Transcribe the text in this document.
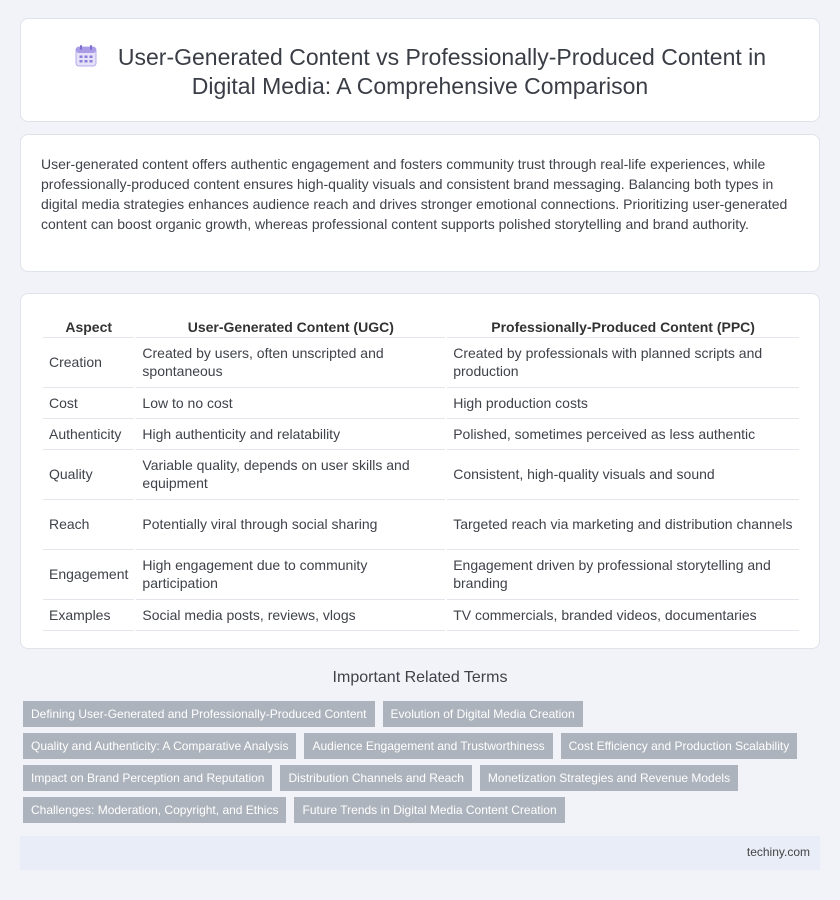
User-Generated Content vs Professionally-Produced Content in Digital Media: A Comprehensive Comparison

User-generated content offers authentic engagement and fosters community trust through real-life experiences, while professionally-produced content ensures high-quality visuals and consistent brand messaging. Balancing both types in digital media strategies enhances audience reach and drives stronger emotional connections. Prioritizing user-generated content can boost organic growth, whereas professional content supports polished storytelling and brand authority.

Aspect	User-Generated Content (UGC)	Professionally-Produced Content (PPC)
Creation	Created by users, often unscripted and spontaneous	Created by professionals with planned scripts and production
Cost	Low to no cost	High production costs
Authenticity	High authenticity and relatability	Polished, sometimes perceived as less authentic
Quality	Variable quality, depends on user skills and equipment	Consistent, high-quality visuals and sound
Reach	Potentially viral through social sharing	Targeted reach via marketing and distribution channels
Engagement	High engagement due to community participation	Engagement driven by professional storytelling and branding
Examples	Social media posts, reviews, vlogs	TV commercials, branded videos, documentaries
Important Related Terms
Defining User-Generated and Professionally-Produced Content	Evolution of Digital Media Creation
Quality and Authenticity: A Comparative Analysis	Audience Engagement and Trustworthiness	Cost Efficiency and Production Scalability
Impact on Brand Perception and Reputation	Distribution Channels and Reach	Monetization Strategies and Revenue Models
Challenges: Moderation, Copyright, and Ethics	Future Trends in Digital Media Content Creation
techiny.com
